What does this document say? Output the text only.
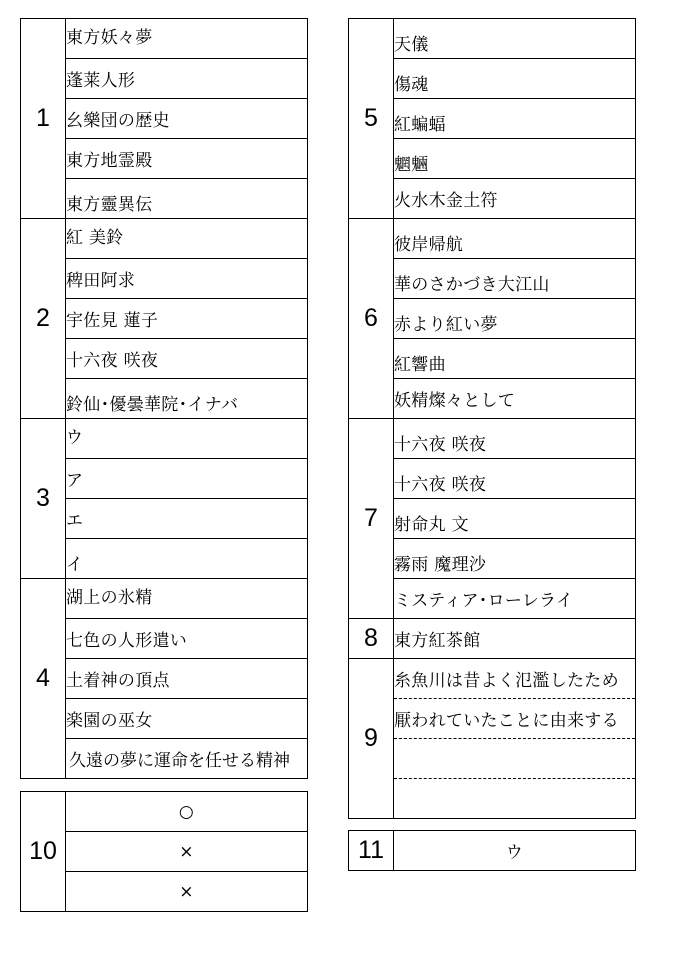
1	東方妖々夢
蓬莱人形
幺樂団の歴史
東方地霊殿
東方靈異伝
2	紅 美鈴
稗田阿求
宇佐見 蓮子
十六夜 咲夜
鈴仙･優曇華院･イナバ
3	ウ
ア
エ
イ
4	湖上の氷精
七色の人形遣い
土着神の頂点
楽園の巫女
久遠の夢に運命を任せる精神
10	○
×
×
5	天儀
傷魂
紅蝙蝠
魍魎
火水木金土符
6	彼岸帰航
華のさかづき大江山
赤より紅い夢
紅響曲
妖精燦々として
7	十六夜 咲夜
十六夜 咲夜
射命丸 文
霧雨 魔理沙
ミスティア･ローレライ
8	東方紅茶館
9	糸魚川は昔よく氾濫したため
厭われていたことに由来する

11	ウ
